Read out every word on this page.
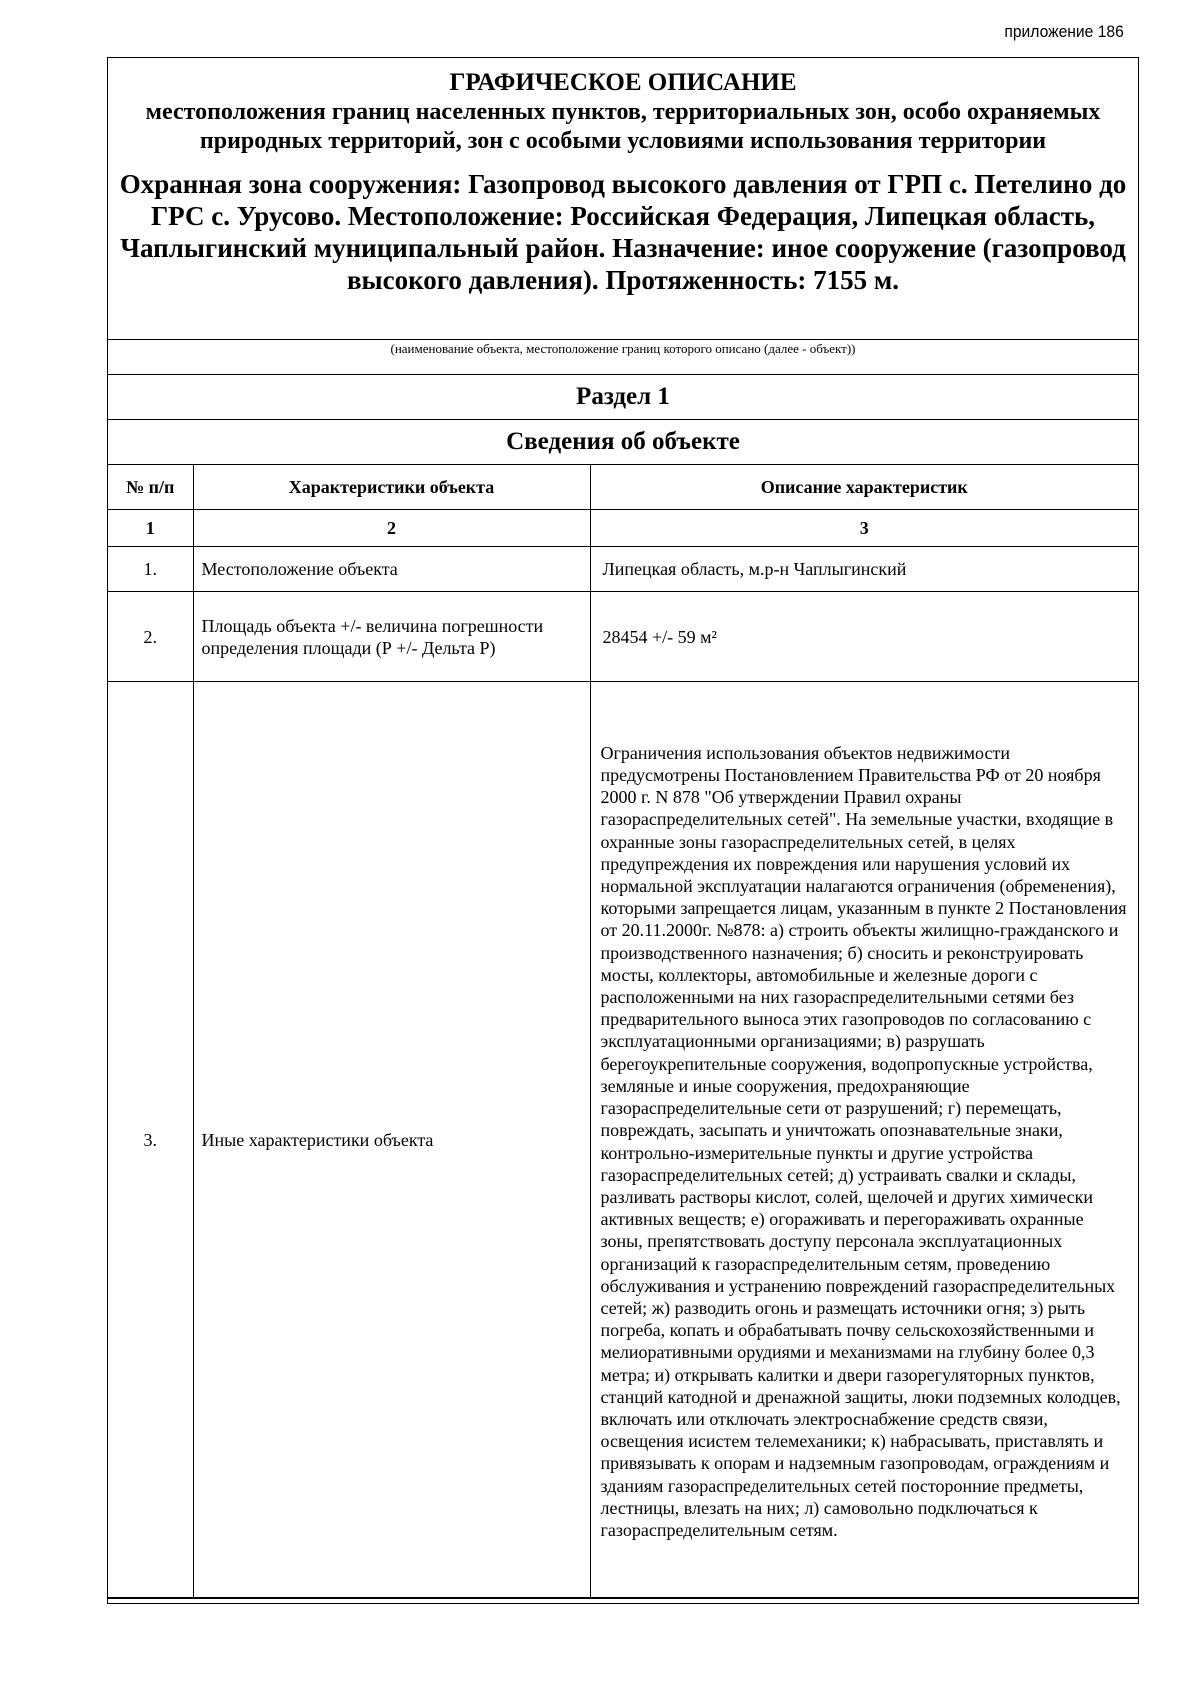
приложение 186

ГРАФИЧЕСКОЕ ОПИСАНИЕ

местоположения границ населенных пунктов, территориальных зон, особо охраняемых природных территорий, зон с особыми условиями использования территории

Охранная зона сооружения: Газопровод высокого давления от ГРП с. Петелино до ГРС с. Урусово. Местоположение: Российская Федерация, Липецкая область, Чаплыгинский муниципальный район. Назначение: иное сооружение (газопровод высокого давления). Протяженность: 7155 м.

(наименование объекта, местоположение границ которого описано (далее - объект))
Раздел 1
Сведения об объекте
№ п/п	Характеристики объекта	Описание характеристик
1	2	3
1.	Местоположение объекта	Липецкая область, м.р-н Чаплыгинский
2.	Площадь объекта +/- величина погрешности определения площади (Р +/- Дельта Р)	28454 +/- 59 м²
3.	Иные характеристики объекта	Ограничения использования объектов недвижимости предусмотрены Постановлением Правительства РФ от 20 ноября 2000 г. N 878 "Об утверждении Правил охраны газораспределительных сетей". На земельные участки, входящие в охранные зоны газораспределительных сетей, в целях предупреждения их повреждения или нарушения условий их нормальной эксплуатации налагаются ограничения (обременения), которыми запрещается лицам, указанным в пункте 2 Постановления от 20.11.2000г. №878: а) строить объекты жилищно-гражданского и производственного назначения; б) сносить и реконструировать мосты, коллекторы, автомобильные и железные дороги с расположенными на них газораспределительными сетями без предварительного выноса этих газопроводов по согласованию с эксплуатационными организациями; в) разрушать берегоукрепительные сооружения, водопропускные устройства, земляные и иные сооружения, предохраняющие газораспределительные сети от разрушений; г) перемещать, повреждать, засыпать и уничтожать опознавательные знаки, контрольно-измерительные пункты и другие устройства газораспределительных сетей; д) устраивать свалки и склады, разливать растворы кислот, солей, щелочей и других химически активных веществ; е) огораживать и перегораживать охранные зоны, препятствовать доступу персонала эксплуатационных организаций к газораспределительным сетям, проведению обслуживания и устранению повреждений газораспределительных сетей; ж) разводить огонь и размещать источники огня; з) рыть погреба, копать и обрабатывать почву сельскохозяйственными и мелиоративными орудиями и механизмами на глубину более 0,3 метра; и) открывать калитки и двери газорегуляторных пунктов, станций катодной и дренажной защиты, люки подземных колодцев, включать или отключать электроснабжение средств связи, освещения исистем телемеханики; к) набрасывать, приставлять и привязывать к опорам и надземным газопроводам, ограждениям и зданиям газораспределительных сетей посторонние предметы, лестницы, влезать на них; л) самовольно подключаться к газораспределительным сетям.
